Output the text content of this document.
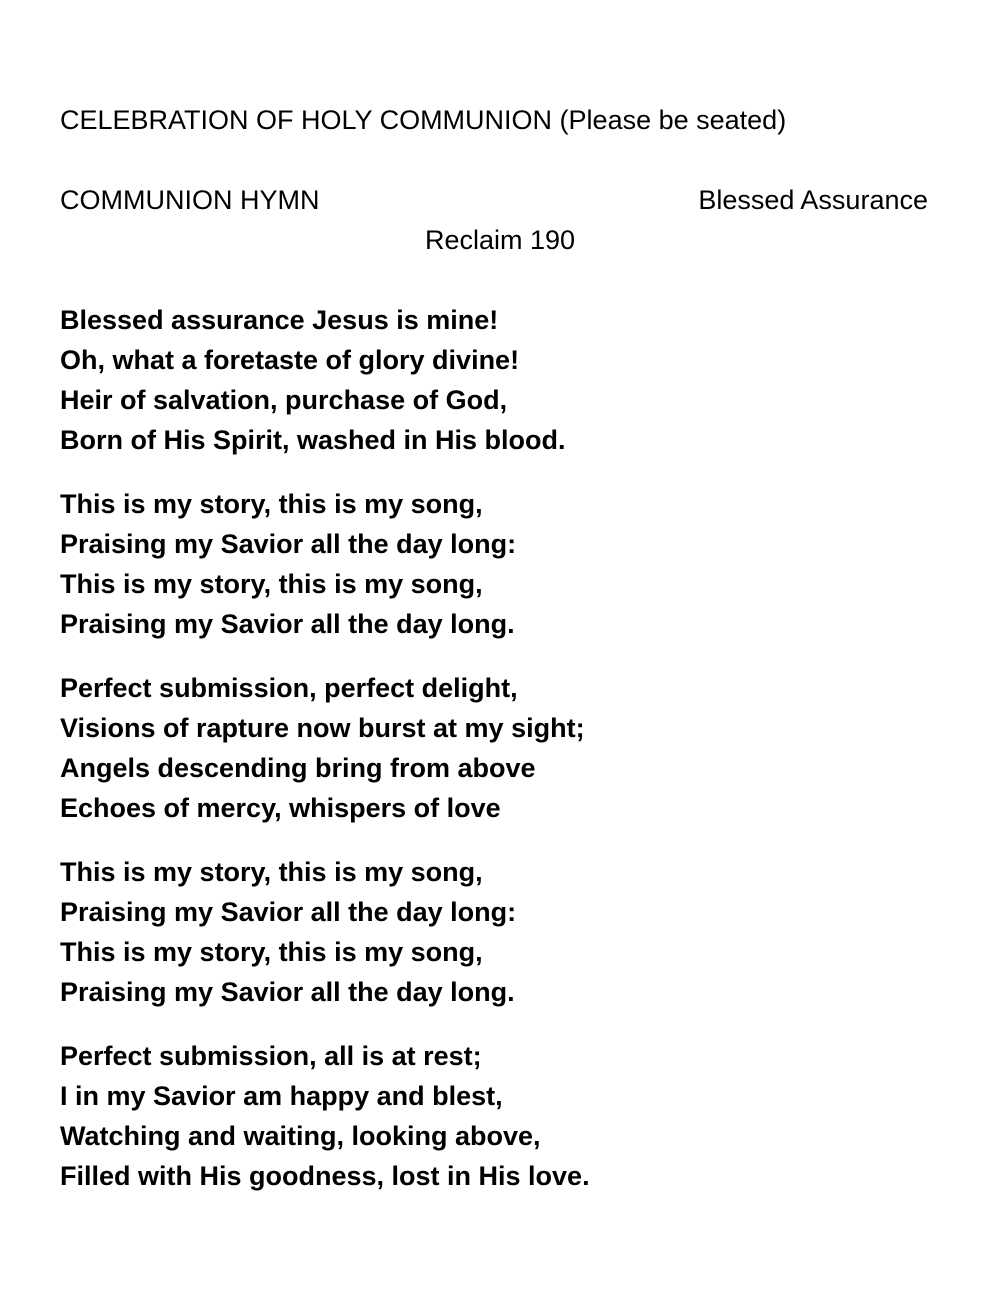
CELEBRATION OF HOLY COMMUNION (Please be seated)
COMMUNION HYMN	Blessed Assurance
Reclaim 190
Blessed assurance Jesus is mine!
Oh, what a foretaste of glory divine!
Heir of salvation, purchase of God,
Born of His Spirit, washed in His blood.
This is my story, this is my song,
Praising my Savior all the day long:
This is my story, this is my song,
Praising my Savior all the day long.
Perfect submission, perfect delight,
Visions of rapture now burst at my sight;
Angels descending bring from above
Echoes of mercy, whispers of love
This is my story, this is my song,
Praising my Savior all the day long:
This is my story, this is my song,
Praising my Savior all the day long.
Perfect submission, all is at rest;
I in my Savior am happy and blest,
Watching and waiting, looking above,
Filled with His goodness, lost in His love.
